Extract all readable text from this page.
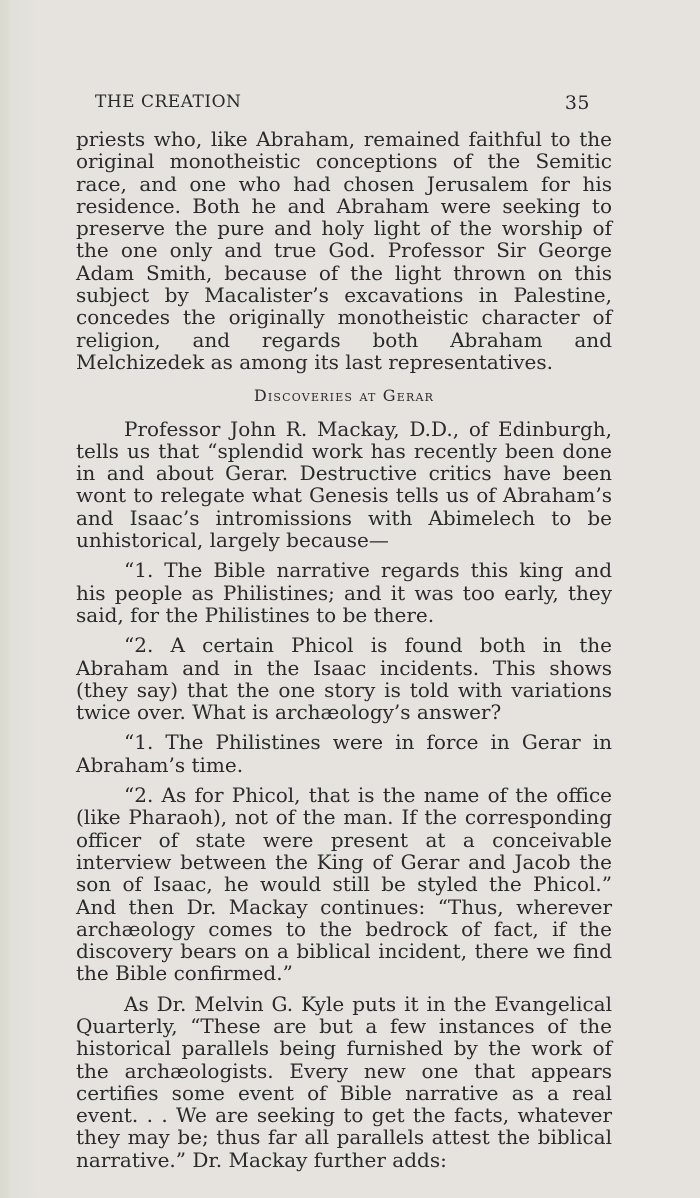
THE CREATION	35

priests who, like Abraham, remained faithful to the original monotheistic conceptions of the Semitic race, and one who had chosen Jerusalem for his residence. Both he and Abraham were seeking to preserve the pure and holy light of the worship of the one only and true God. Professor Sir George Adam Smith, because of the light thrown on this subject by Macalister’s excavations in Palestine, concedes the originally monotheistic character of religion, and regards both Abraham and Melchizedek as among its last representatives.

Discoveries at Gerar

Professor John R. Mackay, D.D., of Edinburgh, tells us that “splendid work has recently been done in and about Gerar. Destructive critics have been wont to relegate what Genesis tells us of Abraham’s and Isaac’s intromissions with Abimelech to be unhistorical, largely because—

“1. The Bible narrative regards this king and his people as Philistines; and it was too early, they said, for the Philistines to be there.

“2. A certain Phicol is found both in the Abraham and in the Isaac incidents. This shows (they say) that the one story is told with variations twice over. What is archæology’s answer?

“1. The Philistines were in force in Gerar in Abraham’s time.

“2. As for Phicol, that is the name of the office (like Pharaoh), not of the man. If the corresponding officer of state were present at a conceivable interview between the King of Gerar and Jacob the son of Isaac, he would still be styled the Phicol.” And then Dr. Mackay continues: “Thus, wherever archæology comes to the bedrock of fact, if the discovery bears on a biblical incident, there we find the Bible confirmed.”

As Dr. Melvin G. Kyle puts it in the Evangelical Quarterly, “These are but a few instances of the historical parallels being furnished by the work of the archæologists. Every new one that appears certifies some event of Bible narrative as a real event. . . We are seeking to get the facts, whatever they may be; thus far all parallels attest the biblical narrative.” Dr. Mackay further adds:
